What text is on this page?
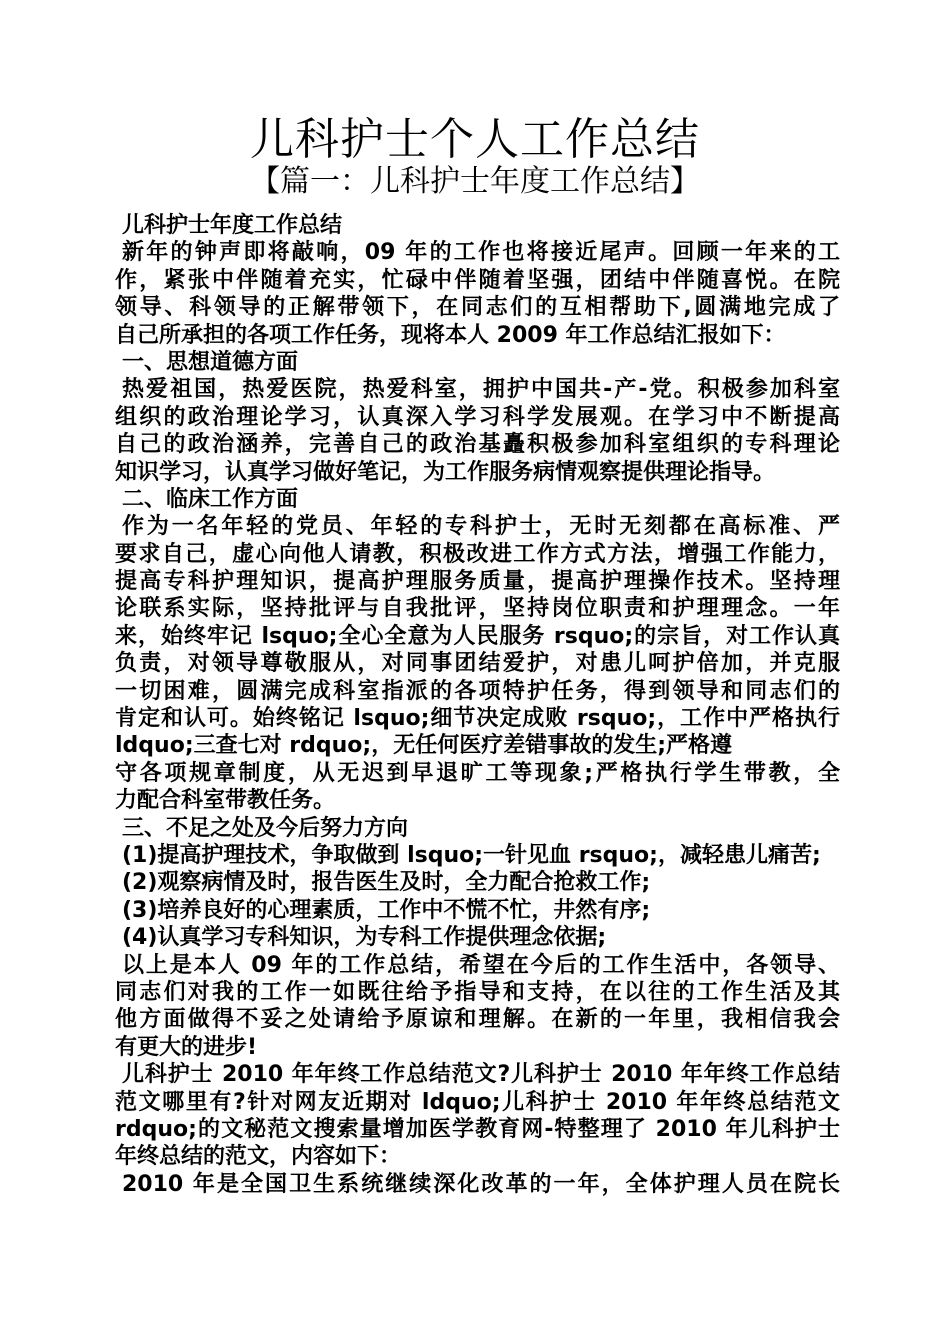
儿科护士个人工作总结
【篇一：儿科护士年度工作总结】
儿科护士年度工作总结
新年的钟声即将敲响，09 年的工作也将接近尾声。回顾一年来的工
作，紧张中伴随着充实，忙碌中伴随着坚强，团结中伴随喜悦。在院
领导、科领导的正解带领下，在同志们的互相帮助下,圆满地完成了
自己所承担的各项工作任务，现将本人 2009 年工作总结汇报如下：
一、思想道德方面
热爱祖国，热爱医院，热爱科室，拥护中国共-产-党。积极参加科室
组织的政治理论学习，认真深入学习科学发展观。在学习中不断提高
自己的政治涵养，完善自己的政治基矗积极参加科室组织的专科理论
知识学习，认真学习做好笔记，为工作服务病情观察提供理论指导。
二、临床工作方面
作为一名年轻的党员、年轻的专科护士，无时无刻都在高标准、严
要求自己，虚心向他人请教，积极改进工作方式方法，增强工作能力，
提高专科护理知识，提高护理服务质量，提高护理操作技术。坚持理
论联系实际，坚持批评与自我批评，坚持岗位职责和护理理念。一年
来，始终牢记 lsquo;全心全意为人民服务 rsquo;的宗旨，对工作认真
负责，对领导尊敬服从，对同事团结爱护，对患儿呵护倍加，并克服
一切困难，圆满完成科室指派的各项特护任务，得到领导和同志们的
肯定和认可。始终铭记 lsquo;细节决定成败 rsquo;，工作中严格执行
ldquo;三查七对 rdquo;，无任何医疗差错事故的发生;严格遵
守各项规章制度，从无迟到早退旷工等现象;严格执行学生带教，全
力配合科室带教任务。
三、不足之处及今后努力方向
(1)提高护理技术，争取做到 lsquo;一针见血 rsquo;，减轻患儿痛苦;
(2)观察病情及时，报告医生及时，全力配合抢救工作;
(3)培养良好的心理素质，工作中不慌不忙，井然有序;
(4)认真学习专科知识，为专科工作提供理念依据;
以上是本人 09 年的工作总结，希望在今后的工作生活中，各领导、
同志们对我的工作一如既往给予指导和支持，在以往的工作生活及其
他方面做得不妥之处请给予原谅和理解。在新的一年里，我相信我会
有更大的进步!
儿科护士 2010 年年终工作总结范文?儿科护士 2010 年年终工作总结
范文哪里有?针对网友近期对 ldquo;儿科护士 2010 年年终总结范文
rdquo;的文秘范文搜索量增加医学教育网-特整理了 2010 年儿科护士
年终总结的范文，内容如下：
2010 年是全国卫生系统继续深化改革的一年，全体护理人员在院长
